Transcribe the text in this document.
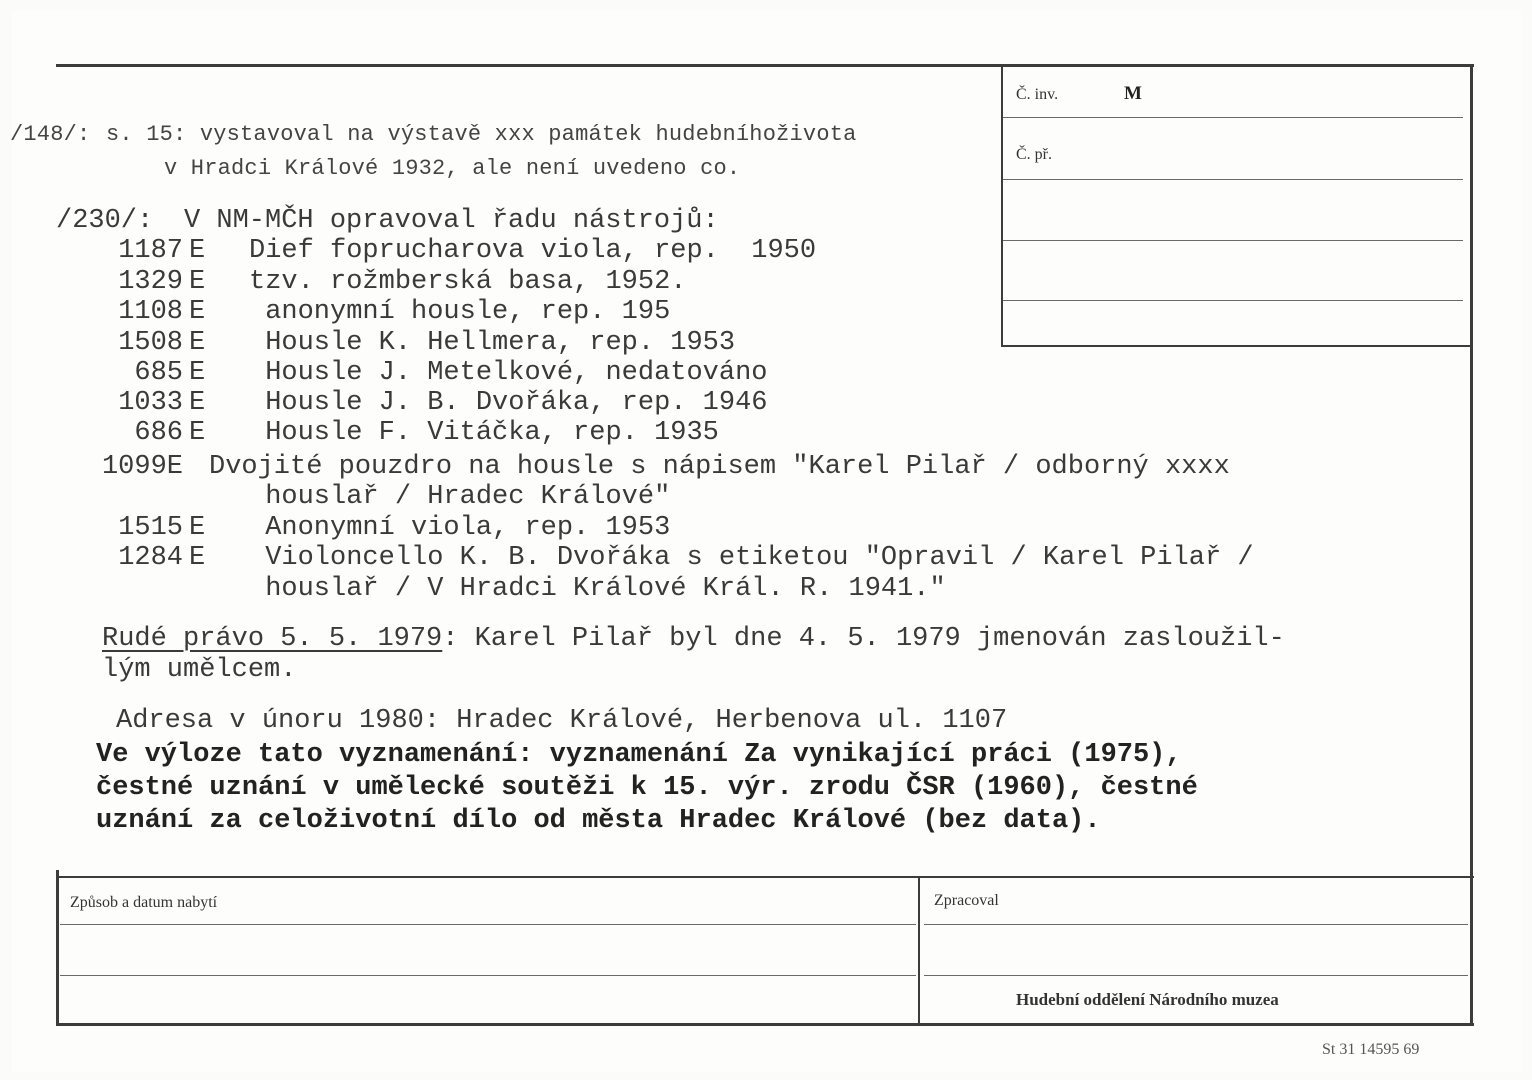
Č. inv.	M
Č. př.
/148/: s. 15: vystavoval na výstavě xxx památek hudebníhoživota
v Hradci Králové 1932, ale není uvedeno co.
/230/: V NM-MČH opravoval řadu nástrojů:
1187 E Dief fopruchаrova viola, rep.  1950
1329 E tzv. rožmberská basa, 1952.
1108 E anonymní housle, rep. 195
1508 E Housle K. Hellmera, rep. 1953
685 E Housle J. Metelkové, nedatováno
1033 E Housle J. B. Dvořáka, rep. 1946
686 E Housle F. Vitáčka, rep. 1935
1099E Dvojité pouzdro na housle s nápisem "Karel Pilař / odborný xxxx
houslař / Hradec Králové"
1515 E Anonymní viola, rep. 1953
1284 E Violoncello K. B. Dvořáka s etiketou "Opravil / Karel Pilař /
houslař / V Hradci Králové Král. R. 1941."
Rudé právo 5. 5. 1979: Karel Pilař byl dne 4. 5. 1979 jmenován zasloužil-
lým umělcem.
Adresa v únoru 1980: Hradec Králové, Herbenova ul. 1107
Ve výloze tato vyznamenání: vyznamenání Za vynikající práci (1975),
čestné uznání v umělecké soutěži k 15. výr. zrodu ČSR (1960), čestné
uznání za celoživotní dílo od města Hradec Králové (bez data).
Způsob a datum nabytí	Zpracoval
Hudební oddělení Národního muzea
St 31 14595 69
